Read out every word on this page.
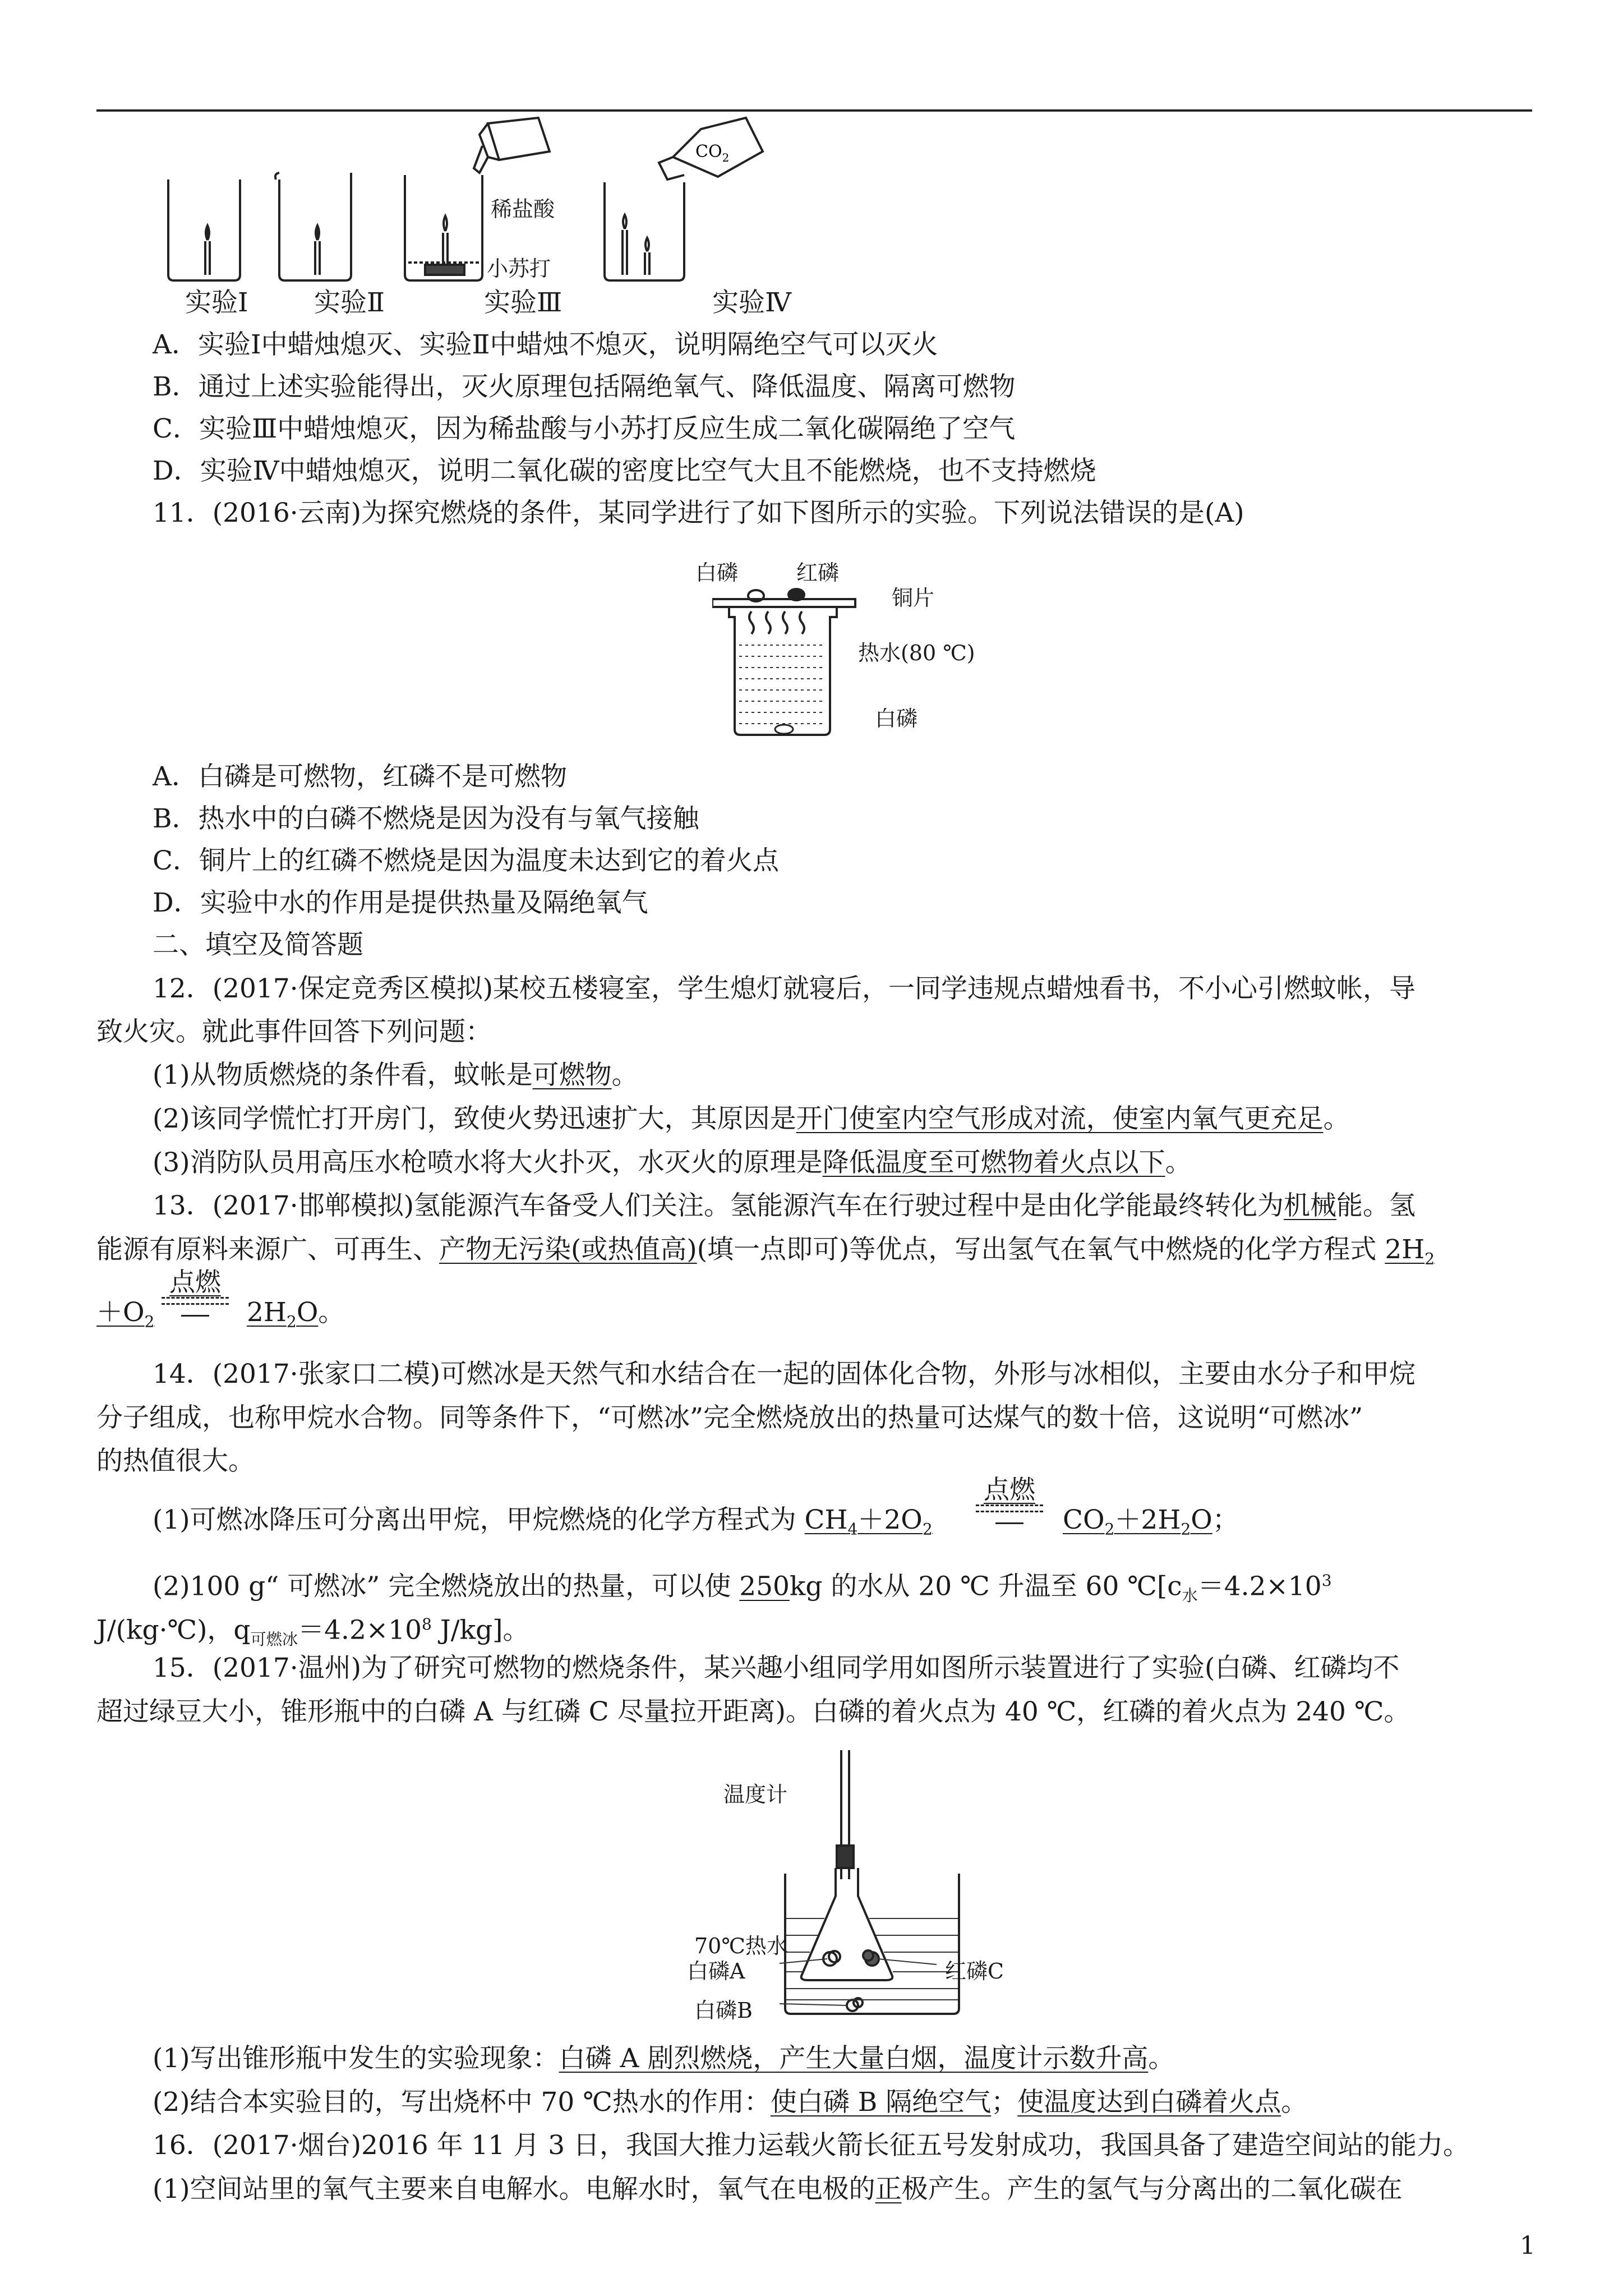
$CO_2$
稀盐酸
小苏打
实验Ⅰ 实验Ⅱ	实验Ⅲ	实验Ⅳ
A．实验Ⅰ中蜡烛熄灭、实验Ⅱ中蜡烛不熄灭，说明隔绝空气可以灭火
B．通过上述实验能得出，灭火原理包括隔绝氧气、降低温度、隔离可燃物
C．实验Ⅲ中蜡烛熄灭，因为稀盐酸与小苏打反应生成二氧化碳隔绝了空气
D．实验Ⅳ中蜡烛熄灭，说明二氧化碳的密度比空气大且不能燃烧，也不支持燃烧
11．(2016·云南)为探究燃烧的条件，某同学进行了如下图所示的实验。下列说法错误的是(A)
白磷	红磷
铜片
热水(80 ℃)
白磷
A．白磷是可燃物，红磷不是可燃物
B．热水中的白磷不燃烧是因为没有与氧气接触
C．铜片上的红磷不燃烧是因为温度未达到它的着火点
D．实验中水的作用是提供热量及隔绝氧气
二、填空及简答题
12．(2017·保定竞秀区模拟)某校五楼寝室，学生熄灯就寝后，一同学违规点蜡烛看书，不小心引燃蚊帐，导
致火灾。就此事件回答下列问题：
(1)从物质燃烧的条件看，蚊帐是可燃物。
(2)该同学慌忙打开房门，致使火势迅速扩大，其原因是开门使室内空气形成对流，使室内氧气更充足。
(3)消防队员用高压水枪喷水将大火扑灭，水灭火的原理是降低温度至可燃物着火点以下。
13．(2017·邯郸模拟)氢能源汽车备受人们关注。氢能源汽车在行驶过程中是由化学能最终转化为机械能。氢
能源有原料来源广、可再生、产物无污染(或热值高)(填一点即可)等优点，写出氢气在氧气中燃烧的化学方程式 $2H_2$
$+O_2$
点燃
$2H_2O$。
14．(2017·张家口二模)可燃冰是天然气和水结合在一起的固体化合物，外形与冰相似，主要由水分子和甲烷
分子组成，也称甲烷水合物。同等条件下，“可燃冰”完全燃烧放出的热量可达煤气的数十倍，这说明“可燃冰”
的热值很大。
(1)可燃冰降压可分离出甲烷，甲烷燃烧的化学方程式为 $CH_4+2O_2$
点燃
$CO_2+2H_2O$；
(2)100 g“ 可燃冰” 完全燃烧放出的热量，可以使 250kg 的水从 20 ℃ 升温至 60 $℃[c_水=4.2\times 10^3$
J/(kg·℃)，$q_{可燃冰}=4.2\times 10^8$ J/kg]。
15．(2017·温州)为了研究可燃物的燃烧条件，某兴趣小组同学用如图所示装置进行了实验(白磷、红磷均不
超过绿豆大小，锥形瓶中的白磷 A 与红磷 C 尽量拉开距离)。白磷的着火点为 40 ℃，红磷的着火点为 240 ℃。
温度计
70℃热水
白磷A	红磷C
白磷B
(1)写出锥形瓶中发生的实验现象：白磷 A 剧烈燃烧，产生大量白烟，温度计示数升高。
(2)结合本实验目的，写出烧杯中 70 ℃热水的作用：使白磷 B 隔绝空气；使温度达到白磷着火点。
16．(2017·烟台)2016 年 11 月 3 日，我国大推力运载火箭长征五号发射成功，我国具备了建造空间站的能力。
(1)空间站里的氧气主要来自电解水。电解水时，氧气在电极的正极产生。产生的氢气与分离出的二氧化碳在
1
